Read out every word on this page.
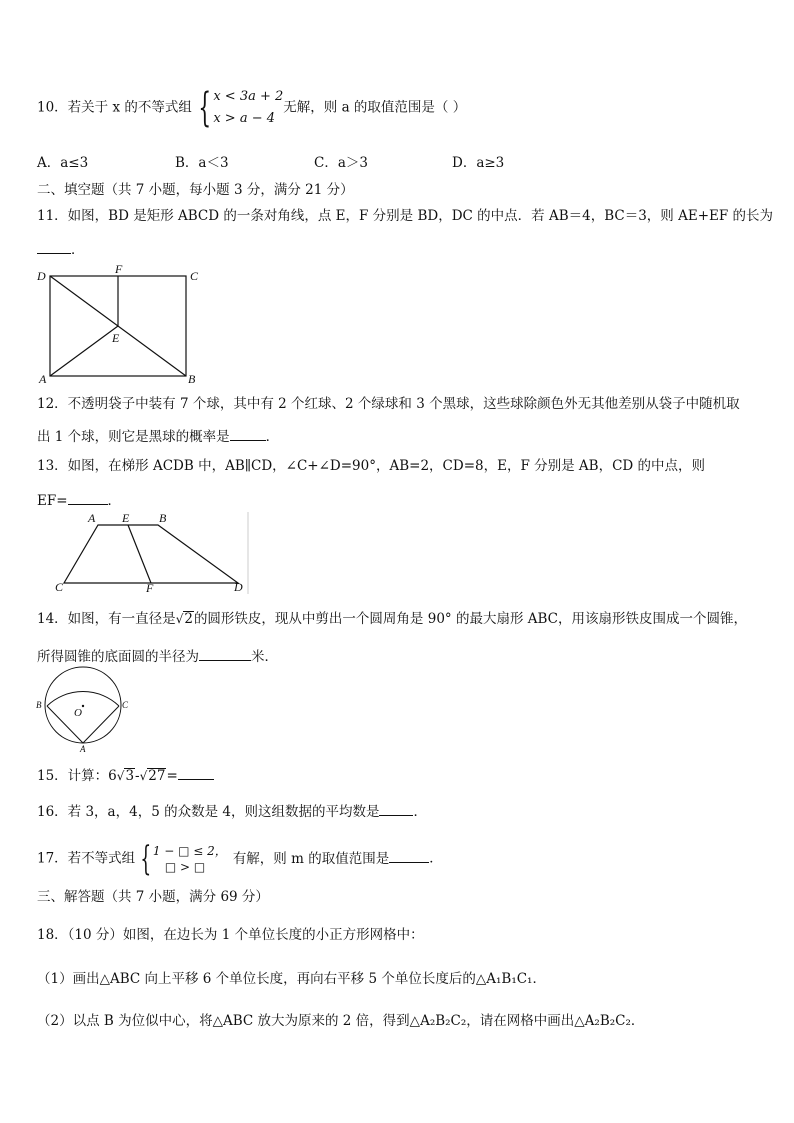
10．若关于 x 的不等式组 { x < 3a + 2
x > a − 4无解，则 a 的取值范围是（ ）
A．a≤3	B．a＜3	C．a＞3	D．a≥3
二、填空题（共 7 小题，每小题 3 分，满分 21 分）
11．如图，BD 是矩形 ABCD 的一条对角线，点 E，F 分别是 BD，DC 的中点．若 AB＝4，BC＝3，则 AE+EF 的长为
．
D	F	C
E
A	B
12．不透明袋子中装有 7 个球，其中有 2 个红球、2 个绿球和 3 个黑球，这些球除颜色外无其他差别从袋子中随机取
出 1 个球，则它是黑球的概率是	．
13．如图，在梯形 ACDB 中，AB∥CD，∠C+∠D=90°，AB=2，CD=8，E，F 分别是 AB，CD 的中点，则
EF=	．
A E B
C	F	D
14．如图，有一直径是√2的圆形铁皮，现从中剪出一个圆周角是 90° 的最大扇形 ABC，用该扇形铁皮围成一个圆锥，
所得圆锥的底面圆的半径为	米．
B
O
C
A
15．计算：6√3-√27=
16．若 3，a，4，5 的众数是 4，则这组数据的平均数是	．
17．若不等式组 {1 − □ ≤ 2，
□ > □有解，则 m 的取值范围是	．
三、解答题（共 7 小题，满分 69 分）
18．（10 分）如图，在边长为 1 个单位长度的小正方形网格中：
（1）画出△ABC 向上平移 6 个单位长度，再向右平移 5 个单位长度后的△A₁B₁C₁．
（2）以点 B 为位似中心，将△ABC 放大为原来的 2 倍，得到△A₂B₂C₂，请在网格中画出△A₂B₂C₂．
